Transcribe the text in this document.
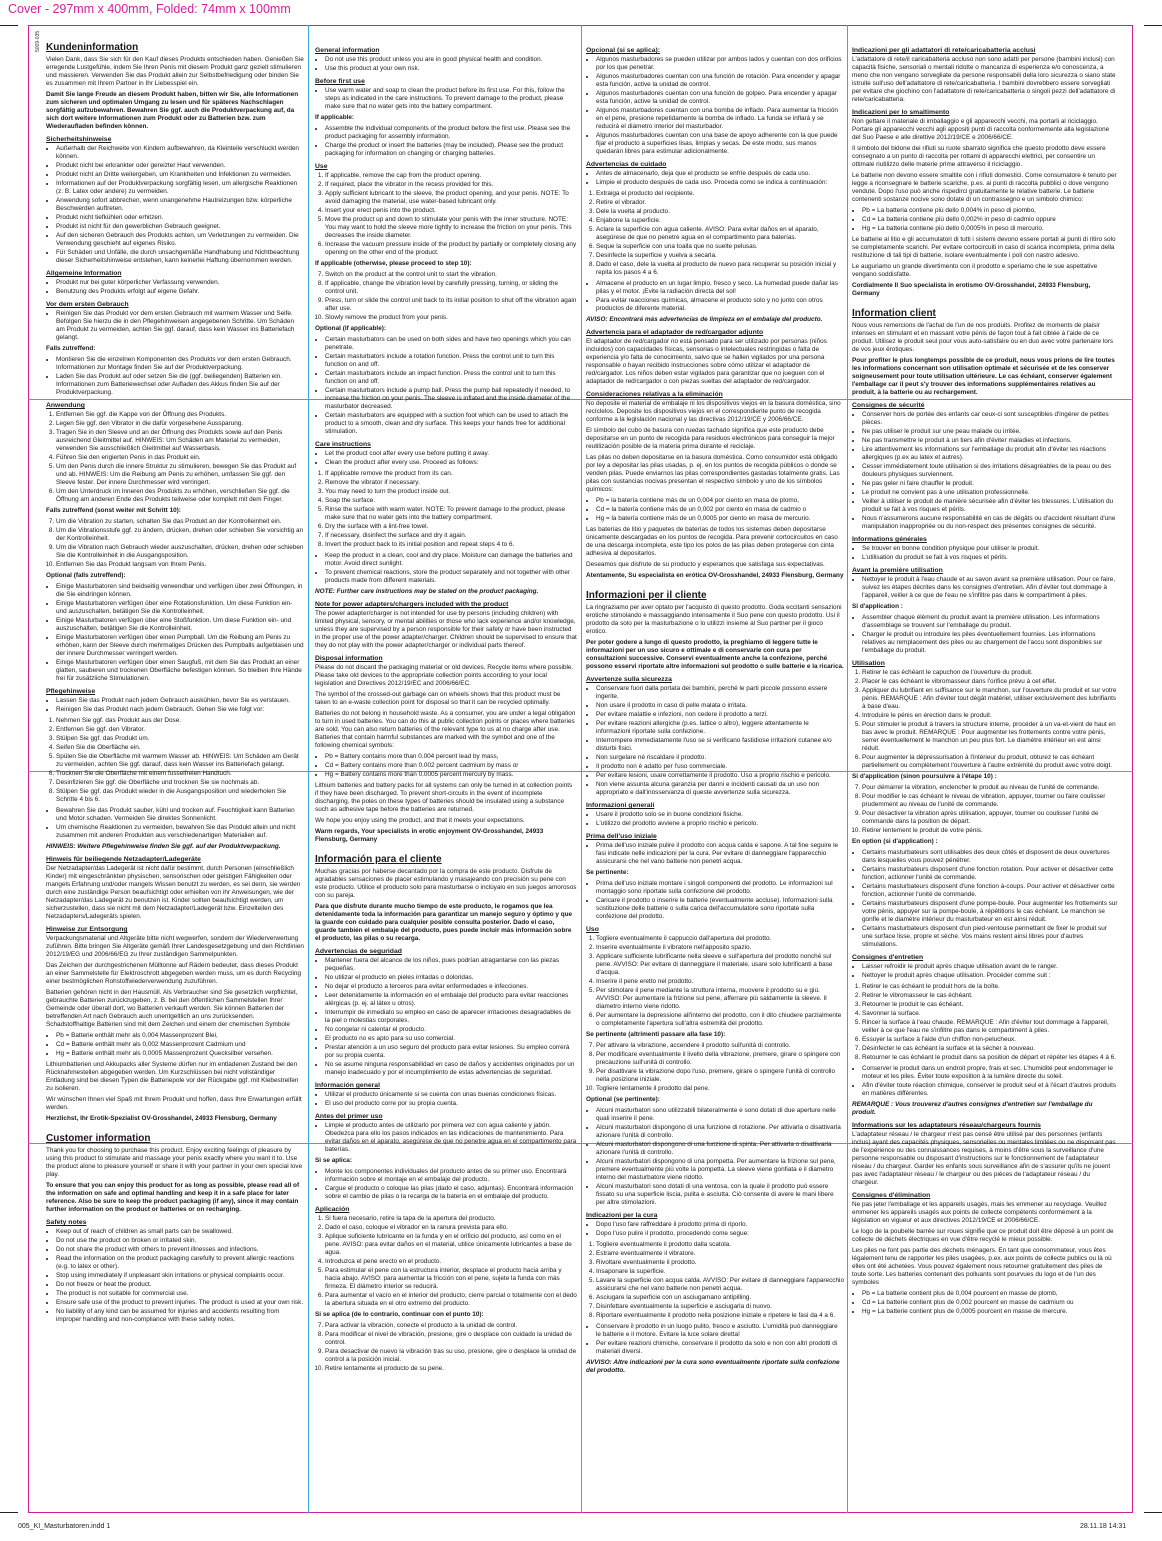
Cover - 297mm x 400mm, Folded: 74mm x 100mm
5009-035 Kundeninformation
Vielen Dank, dass Sie sich für den Kauf dieses Produkts entschieden haben. Genießen Sie erregende Lustgefühle, indem Sie Ihren Penis mit diesem Produkt ganz gezielt stimulieren und massieren. Verwenden Sie das Produkt allein zur Selbstbefriedigung oder binden Sie es zusammen mit Ihrem Partner in Ihr Liebesspiel ein.
Damit Sie lange Freude an diesem Produkt haben, bitten wir Sie, alle Informationen zum sicheren und optimalen Umgang zu lesen und für späteres Nachschlagen sorgfältig aufzubewahren. Bewahren Sie ggf. auch die Produktverpackung auf, da sich dort weitere Informationen zum Produkt oder zu Batterien bzw. zum Wiederaufladen befinden können.
Sicherheitshinweise
• Außerhalb der Reichweite von Kindern aufbewahren, da Kleinteile verschluckt werden können.
• Produkt nicht bei erkrankter oder gereizter Haut verwenden.
• Produkt nicht an Dritte weitergeben, um Krankheiten und Infektionen zu vermeiden.
• Informationen auf der Produktverpackung sorgfältig lesen, um allergische Reaktionen (z. B. Latex oder andere) zu vermeiden.
• Anwendung sofort abbrechen, wenn unangenehme Hautreizungen bzw. körperliche Beschwerden auftreten.
• Produkt nicht tiefkühlen oder erhitzen.
• Produkt ist nicht für den gewerblichen Gebrauch geeignet.
• Auf den sicheren Gebrauch des Produkts achten, um Verletzungen zu vermeiden. Die Verwendung geschieht auf eigenes Risiko.
• Für Schäden und Unfälle, die durch unsachgemäße Handhabung und Nichtbeachtung dieser Sicherheitshinweise entstehen, kann keinerlei Haftung übernommen werden.
Allgemeine Information
• Produkt nur bei guter körperlicher Verfassung verwenden.
• Benutzung des Produkts erfolgt auf eigene Gefahr.
Vor dem ersten Gebrauch
• Reinigen Sie das Produkt vor dem ersten Gebrauch mit warmem Wasser und Seife. Befolgen Sie hierzu die in den Pflegehinweisen angegebenen Schritte. Um Schäden am Produkt zu vermeiden, achten Sie ggf. darauf, dass kein Wasser ins Batteriefach gelangt.
Falls zutreffend:
• Montieren Sie die einzelnen Komponenten des Produkts vor dem ersten Gebrauch. Informationen zur Montage finden Sie auf der Produktverpackung.
• Laden Sie das Produkt auf oder setzen Sie die (ggf. beiliegenden) Batterien ein. Informationen zum Batteriewechsel oder Aufladen des Akkus finden Sie auf der Produktverpackung.
Anwendung
1. Entfernen Sie ggf. die Kappe von der Öffnung des Produkts.
2. Legen Sie ggf. den Vibrator in die dafür vorgesehene Aussparung.
3. Tragen Sie in den Sleeve und an der Öffnung des Produkts sowie auf den Penis ausreichend Gleitmittel auf. HINWEIS: Um Schäden am Material zu vermeiden, verwenden Sie ausschließlich Gleitmittel auf Wasserbasis.
4. Führen Sie den erigierten Penis in das Produkt ein.
5. Um den Penis durch die innere Struktur zu stimulieren, bewegen Sie das Produkt auf und ab. HINWEIS: Um die Reibung am Penis zu erhöhen, umfassen Sie ggf. den Sleeve fester. Der innere Durchmesser wird verringert.
6. Um den Unterdruck im Inneren des Produkts zu erhöhen, verschließen Sie ggf. die Öffnung am anderen Ende des Produkts teilweise oder komplett mit dem Finger.
Falls zutreffend (sonst weiter mit Schritt 10):
7. Um die Vibration zu starten, schalten Sie das Produkt an der Kontrolleinheit ein.
8. Um die Vibrationsstufe ggf. zu ändern, drücken, drehen oder schieben Sie vorsichtig an der Kontrolleinheit.
9. Um die Vibration nach Gebrauch wieder auszuschalten, drücken, drehen oder schieben Sie die Kontrolleinheit in die Ausgangsposition.
10. Entfernen Sie das Produkt langsam von Ihrem Penis.
Optional (falls zutreffend):
• Einige Masturbatoren sind beidseitig verwendbar und verfügen über zwei Öffnungen, in die Sie eindringen können.
• Einige Masturbatoren verfügen über eine Rotationsfunktion. Um diese Funktion ein- und auszuschalten, betätigen Sie die Kontrolleinheit.
• Einige Masturbatoren verfügen über eine Stoßfunktion. Um diese Funktion ein- und auszuschalten, betätigen Sie die Kontrolleinheit.
• Einige Masturbatoren verfügen über einen Pumpball. Um die Reibung am Penis zu erhöhen, kann der Sleeve durch mehrmaliges Drücken des Pumpballs aufgeblasen und der innere Durchmesser verringert werden.
• Einige Masturbatoren verfügen über einen Saugfuß, mit dem Sie das Produkt an einer glatten, sauberen und trockenen Oberfläche befestigen können. So bleiben Ihre Hände frei für zusätzliche Stimulationen.
Pflegehinweise
• Lassen Sie das Produkt nach jedem Gebrauch auskühlen, bevor Sie es verstauen.
• Reinigen Sie das Produkt nach jedem Gebrauch. Gehen Sie wie folgt vor:
1. Nehmen Sie ggf. das Produkt aus der Dose.
2. Entfernen Sie ggf. den Vibrator.
3. Stülpen Sie ggf. das Produkt um.
4. Seifen Sie die Oberfläche ein.
5. Spülen Sie die Oberfläche mit warmem Wasser ab. HINWEIS: Um Schäden am Gerät zu vermeiden, achten Sie ggf. darauf, dass kein Wasser ins Batteriefach gelangt.
6. Trocknen Sie die Oberfläche mit einem fusselfreien Handtuch.
7. Desinfizieren Sie ggf. die Oberfläche und trocknen Sie sie nochmals ab.
8. Stülpen Sie ggf. das Produkt wieder in die Ausgangsposition und wiederholen Sie Schritte 4 bis 6.
• Bewahren Sie das Produkt sauber, kühl und trocken auf. Feuchtigkeit kann Batterien und Motor schaden. Vermeiden Sie direktes Sonnenlicht.
• Um chemische Reaktionen zu vermeiden, bewahren Sie das Produkt allein und nicht zusammen mit anderen Produkten aus verschiedenartigen Materialien auf.
HINWEIS: Weitere Pflegehinweise finden Sie ggf. auf der Produktverpackung.
Hinweis für beiliegende Netzadapter/Ladegeräte
Der Netzadapter/das Ladegerät ist nicht dafür bestimmt, durch Personen (einschließlich Kinder) mit eingeschränkten physischen, sensorischen oder geistigen Fähigkeiten oder mangels Erfahrung und/oder mangels Wissen benutzt zu werden, es sei denn, sie werden durch eine zuständige Person beaufsichtigt oder erhielten von ihr Anweisungen, wie der Netzadapter/das Ladegerät zu benutzen ist. Kinder sollten beaufsichtigt werden, um sicherzustellen, dass sie nicht mit dem Netzadapter/Ladegerät bzw. Einzelteilen des Netzadapters/Ladegeräts spielen.
Hinweise zur Entsorgung
Verpackungsmaterial und Altgeräte bitte nicht wegwerfen, sondern der Wiederverwertung zuführen. Bitte bringen Sie Altgeräte gemäß Ihrer Landesgesetzgebung und den Richtlinien 2012/19/EG und 2006/66/EG zu Ihrer zuständigen Sammelpunkten.
Das Zeichen der durchgestrichenen Mülltonne auf Rädern bedeutet, dass dieses Produkt an einer Sammelstelle für Elektroschrott abgegeben werden muss, um es durch Recycling einer bestmöglichen Rohstoffwiederverwendung zuzuführen.
Batterien gehören nicht in den Hausmüll. Als Verbraucher sind Sie gesetzlich verpflichtet, gebrauchte Batterien zurückzugeben, z. B. bei den öffentlichen Sammelstellen Ihrer Gemeinde oder überall dort, wo Batterien verkauft werden. Sie können Batterien der betreffenden Art nach Gebrauch auch unentgeltlich an uns zurücksenden. Schadstoffhaltige Batterien sind mit dem Zeichen und einem der chemischen Symbole
• Pb = Batterie enthält mehr als 0,004 Massenprozent Blei,
• Cd = Batterie enthält mehr als 0,002 Massenprozent Cadmium und
• Hg = Batterie enthält mehr als 0,0005 Massenprozent Quecksilber versehen.
Lithiumbatterien und Akkupacks aller Systeme dürfen nur im entladenen Zustand bei den Rücknahmestellen abgegeben werden. Um Kurzschlüssen bei nicht vollständiger Entladung sind bei diesen Typen die Batteriepole vor der Rückgabe ggf. mit Klebestreifen zu isolieren.
Wir wünschen Ihnen viel Spaß mit Ihrem Produkt und hoffen, dass Ihre Erwartungen erfüllt werden.
Herzlichst, Ihr Erotik-Spezialist OV-Grosshandel, 24933 Flensburg, Germany
Customer information
Thank you for choosing to purchase this product. Enjoy exciting feelings of pleasure by using this product to stimulate and massage your penis exactly where you want it to. Use the product alone to pleasure yourself or share it with your partner in your own special love play.
To ensure that you can enjoy this product for as long as possible, please read all of the information on safe and optimal handling and keep it in a safe place for later reference. Also be sure to keep the product packaging (if any), since it may contain further information on the product or batteries or on recharging.
Safety notes
• Keep out of reach of children as small parts can be swallowed.
• Do not use the product on broken or irritated skin.
• Do not share the product with others to prevent illnesses and infections.
• Read the information on the product packaging carefully to prevent allergic reactions (e.g. to latex or other).
• Stop using immediately if unpleasant skin irritations or physical complaints occur.
• Do not freeze or heat the product.
• The product is not suitable for commercial use.
• Ensure safe use of the product to prevent injuries. The product is used at your own risk.
• No liability of any kind can be assumed for injuries and accidents resulting from improper handling and non-compliance with these safety notes.
General information
• Do not use this product unless you are in good physical health and condition.
• Use this product at your own risk.
Before first use
• Use warm water and soap to clean the product before its first use. For this, follow the steps as indicated in the care instructions. To prevent damage to the product, please make sure that no water gets into the battery compartment.
If applicable:
• Assemble the individual components of the product before the first use. Please see the product packaging for assembly information.
• Charge the product or insert the batteries (may be included). Please see the product packaging for information on changing or charging batteries.
Use
1. If applicable, remove the cap from the product opening.
2. If required, place the vibrator in the recess provided for this.
3. Apply sufficient lubricant to the sleeve, the product opening, and your penis. NOTE: To avoid damaging the material, use water-based lubricant only.
4. Insert your erect penis into the product.
5. Move the product up and down to stimulate your penis with the inner structure. NOTE: You may want to hold the sleeve more tightly to increase the friction on your penis. This decreases the inside diameter.
6. Increase the vacuum pressure inside of the product by partially or completely closing any opening on the other end of the product.
If applicable (otherwise, please proceed to step 10):
7. Switch on the product at the control unit to start the vibration.
8. If applicable, change the vibration level by carefully pressing, turning, or sliding the control unit.
9. Press, turn or slide the control unit back to its initial position to shut off the vibration again after use.
10. Slowly remove the product from your penis.
Optional (if applicable):
• Certain masturbators can be used on both sides and have two openings which you can penetrate.
• Certain masturbators include a rotation function. Press the control unit to turn this function on and off.
• Certain masturbators include an impact function. Press the control unit to turn this function on and off.
• Certain masturbators include a pump ball. Press the pump ball repeatedly if needed, to increase the friction on your penis. The sleeve is inflated and the inside diameter of the masturbator decreased.
• Certain masturbators are equipped with a suction foot which can be used to attach the product to a smooth, clean and dry surface. This keeps your hands free for additional stimulation.
Care instructions
• Let the product cool after every use before putting it away.
• Clean the product after every use. Proceed as follows:
1. If applicable remove the product from its can.
2. Remove the vibrator if necessary.
3. You may need to turn the product inside out.
4. Soap the surface.
5. Rinse the surface with warm water. NOTE: To prevent damage to the product, please make sure that no water gets into the battery compartment.
6. Dry the surface with a lint-free towel.
7. If necessary, disinfect the surface and dry it again.
8. Invert the product back to its initial position and repeat steps 4 to 6.
• Keep the product in a clean, cool and dry place. Moisture can damage the batteries and motor. Avoid direct sunlight.
• To prevent chemical reactions, store the product separately and not together with other products made from different materials.
NOTE: Further care instructions may be stated on the product packaging.
Note for power adapters/chargers included with the product
The power adapter/charger is not intended for use by persons (including children) with limited physical, sensory, or mental abilities or those who lack experience and/or knowledge, unless they are supervised by a person responsible for their safety or have been instructed in the proper use of the power adapter/charger. Children should be supervised to ensure that they do not play with the power adapter/charger or individual parts thereof.
Disposal information
Please do not discard the packaging material or old devices. Recycle items where possible. Please take old devices to the appropriate collection points according to your local legislation and Directives 2012/19/EC and 2006/66/EC.
The symbol of the crossed-out garbage can on wheels shows that this product must be taken to an e-waste collection point for disposal so that it can be recycled optimally.
Batteries do not belong in household waste. As a consumer, you are under a legal obligation to turn in used batteries. You can do this at public collection points or places where batteries are sold. You can also return batteries of the relevant type to us at no charge after use. Batteries that contain harmful substances are marked with the symbol and one of the following chemical symbols:
• Pb = Battery contains more than 0.004 percent lead by mass,
• Cd = Battery contains more than 0.002 percent cadmium by mass or
• Hg = Battery contains more than 0.0005 percent mercury by mass.
Lithium batteries and battery packs for all systems can only be turned in at collection points if they have been discharged. To prevent short-circuits in the event of incomplete discharging, the poles on these types of batteries should be insulated using a substance such as adhesive tape before the batteries are returned.
We hope you enjoy using the product, and that it meets your expectations.
Warm regards, Your specialists in erotic enjoyment OV-Grosshandel, 24933 Flensburg, Germany
Información para el cliente
Muchas gracias por haberse decantado por la compra de este producto. Disfrute de agradables sensaciones de placer estimulando y masajeando con precisión su pene con este producto. Utilice el producto solo para masturbarse o inclúyalo en sus juegos amorosos con su pareja.
Para que disfrute durante mucho tiempo de este producto, le rogamos que lea detenidamente toda la información para garantizar un manejo seguro y óptimo y que la guarde con cuidado para cualquier posible consulta posterior. Dado el caso, guarde también el embalaje del producto, pues puede incluir más información sobre el producto, las pilas o su recarga.
Advertencias de seguridad
• Mantener fuera del alcance de los niños, pues podrían atragantarse con las piezas pequeñas.
• No utilizar el producto en pieles irritadas o doloridas.
• No dejar el producto a terceros para evitar enfermedades e infecciones.
• Leer detenidamente la información en el embalaje del producto para evitar reacciones alérgicas (p. ej. al látex u otros).
• Interrumpir de inmediato su empleo en caso de aparecer irritaciones desagradables de la piel o molestias corporales.
• No congelar ni calentar el producto.
• El producto no es apto para su uso comercial.
• Prestar atención a un uso seguro del producto para evitar lesiones. Su empleo correrá por su propia cuenta.
• No se asume ninguna responsabilidad en caso de daños y accidentes originados por un manejo inadecuado y por el incumplimiento de estas advertencias de seguridad.
Información general
• Utilizar el producto únicamente si se cuenta con unas buenas condiciones físicas.
• El uso del producto corre por su propia cuenta.
Antes del primer uso
• Limpie el producto antes de utilizarlo por primera vez con agua caliente y jabón. Obedezca para ello los pasos indicados en las indicaciones de mantenimiento. Para evitar daños en el aparato, asegúrese de que no penetre agua en el compartimento para baterías.
Si se aplica:
• Monte los componentes individuales del producto antes de su primer uso. Encontrará información sobre el montaje en el embalaje del producto.
• Cargue el producto o coloque las pilas (dado el caso, adjuntas). Encontrará información sobre el cambio de pilas o la recarga de la batería en el embalaje del producto.
Aplicación
1. Si fuera necesario, retire la tapa de la apertura del producto.
2. Dado el caso, coloque el vibrador en la ranura prevista para ello.
3. Aplique suficiente lubricante en la funda y en el orificio del producto, así como en el pene. AVISO: para evitar daños en el material, utilice únicamente lubricantes a base de agua.
4. Introduzca el pene erecto en el producto.
5. Para estimular el pene con la estructura interior, desplace el producto hacia arriba y hacia abajo. AVISO: para aumentar la fricción con el pene, sujete la funda con más firmeza. El diámetro interior se reducirá.
6. Para aumentar el vacío en el interior del producto, cierre parcial o totalmente con el dedo la abertura situada en el otro extremo del producto.
Si se aplica (de lo contrario, continuar con el punto 10):
7. Para activar la vibración, conecte el producto a la unidad de control.
8. Para modificar el nivel de vibración, presione, gire o desplace con cuidado la unidad de control.
9. Para desactivar de nuevo la vibración tras su uso, presione, gire o desplace la unidad de control a la posición inicial.
10. Retire lentamente el producto de su pene.
Opcional (si se aplica):
• Algunos masturbadores se pueden utilizar por ambos lados y cuentan con dos orificios por los que penetrar.
• Algunos masturbadores cuentan con una función de rotación. Para encender y apagar esta función, active la unidad de control.
• Algunos masturbadores cuentan con una función de golpeo. Para encender y apagar esta función, active la unidad de control.
• Algunos masturbadores cuentan con una bomba de inflado. Para aumentar la fricción en el pene, presione repetidamente la bomba de inflado. La funda se inflará y se reducirá el diámetro interior del masturbador.
• Algunos masturbadores cuentan con una base de apoyo adherente con la que puede fijar el producto a superficies lisas, limpias y secas. De este modo, sus manos quedarán libres para estimular adicionalmente.
Advertencias de cuidado
• Antes de almacenarlo, deja que el producto se enfríe después de cada uso.
• Limpie el producto después de cada uso. Proceda como se indica a continuación:
1. Extraiga el producto del recipiente.
2. Retire el vibrador.
3. Dele la vuelta al producto.
4. Enjabone la superficie.
5. Aclare la superficie con agua caliente. AVISO: Para evitar daños en el aparato, asegúrese de que no penetre agua en el compartimento para baterías.
6. Seque la superficie con una toalla que no suelte pelusas.
7. Desinfecte la superficie y vuelva a secarla.
8. Dado el caso, dele la vuelta al producto de nuevo para recuperar su posición inicial y repita los pasos 4 a 6.
• Almacene el producto en un lugar limpio, fresco y seco. La humedad puede dañar las pilas y el motor. ¡Evite la radiación directa del sol!
• Para evitar reacciones químicas, almacene el producto solo y no junto con otros productos de diferente material.
AVISO: Encontrará más advertencias de limpieza en el embalaje del producto.
Advertencia para el adaptador de red/cargador adjunto
El adaptador de red/cargador no está pensado para ser utilizado por personas (niños incluidos) con capacidades físicas, sensorias o intelectuales restringidas o falta de experiencia y/o falta de conocimiento, salvo que se hallen vigilados por una persona responsable o hayan recibido instrucciones sobre cómo utilizar el adaptador de red/cargador. Los niños deben estar vigilados para garantizar que no jueguen con el adaptador de red/cargador o con piezas sueltas del adaptador de red/cargador.
Consideraciones relativas a la eliminación
No deposite el material de embalaje ni los dispositivos viejos en la basura doméstica, sino recíclelos. Deposite los dispositivos viejos en el correspondiente punto de recogida conforme a la legislación nacional y las directivas 2012/19/CE y 2006/66/CE.
El símbolo del cubo de basura con ruedas tachado significa que este producto debe depositarse en un punto de recogida para residuos electrónicos para conseguir la mejor reutilización posible de la materia prima durante el reciclaje.
Las pilas no deben depositarse en la basura doméstica. Como consumidor está obligado por ley a depositar las pilas usadas, p. ej. en los puntos de recogida públicos o donde se venden pilas. Puede enviarnos las pilas correspondientes gastadas totalmente gratis. Las pilas con sustancias nocivas presentan el respectivo símbolo y uno de los símbolos químicos:
• Pb = la batería contiene más de un 0,004 por ciento en masa de plomo,
• Cd = la batería contiene más de un 0,002 por ciento en masa de cadmio o
• Hg = la batería contiene más de un 0,0005 por ciento en masa de mercurio.
Las baterías de litio y paquetes de baterías de todos los sistemas deben depositarse únicamente descargadas en los puntos de recogida. Para prevenir cortocircuitos en caso de una descarga incompleta, este tipo los polos de las pilas deben protegerse con cinta adhesiva al depositarlos.
Deseamos que disfrute de su producto y esperamos que satisfaga sus expectativas.
Atentamente, Su especialista en erótica OV-Grosshandel, 24933 Flensburg, Germany
Informazioni per il cliente
La ringraziamo per aver optato per l'acquisto di questo prodotto. Goda eccitanti sensazioni erotiche stimolando e massaggiando intensamente il Suo pene con questo prodotto. Usi il prodotto da solo per la masturbazione o lo utilizzi insieme al Suo partner per il gioco erotico.
Per poter godere a lungo di questo prodotto, la preghiamo di leggere tutte le informazioni per un uso sicuro e ottimale e di conservarle con cura per consultazioni successive. Conservi eventualmente anche la confezione, perché possono esservi riportate altre informazioni sul prodotto o sulle batterie e la ricarica.
Avvertenze sulla sicurezza
• Conservare fuori dalla portata dei bambini, perché le parti piccole possono essere ingerite.
• Non usare il prodotto in caso di pelle malata o irritata.
• Per evitare malattie e infezioni, non cedere il prodotto a terzi.
• Per evitare reazioni allergiche (p.es. lattice o altro), leggere attentamente le informazioni riportate sulla confezione.
• Interrompere immediatamente l'uso se si verificano fastidiose irritazioni cutanee e/o disturbi fisici.
• Non surgelare né riscaldare il prodotto.
• Il prodotto non è adatto per l'uso commerciale.
• Per evitare lesioni, usare correttamente il prodotto. Uso a proprio rischio e pericolo.
• Non viene assunta alcuna garanzia per danni e incidenti causati da un uso non appropriato e dall'inosservanza di queste avvertenze sulla sicurezza.
Informazioni generali
• Usare il prodotto solo se in buone condizioni fisiche.
• L'utilizzo del prodotto avviene a proprio rischio e pericolo.
Prima dell'uso iniziale
• Prima dell'uso iniziale pulire il prodotto con acqua calda e sapone. A tal fine seguire le fasi indicate nelle indicazioni per la cura. Per evitare di danneggiare l'apparecchio assicurarsi che nel vano batterie non penetri acqua.
Se pertinente:
• Prima dell'uso iniziale montare i singoli componenti del prodotto. Le informazioni sul montaggio sono riportate sulla confezione del prodotto.
• Caricare il prodotto o inserire le batterie (eventualmente accluse). Informazioni sulla sostituzione delle batterie o sulla carica dell'accumulatore sono riportate sulla confezione del prodotto.
Uso
1. Togliere eventualmente il cappuccio dall'apertura del prodotto.
2. Inserire eventualmente il vibratore nell'apposito spazio.
3. Applicare sufficiente lubrificante nella sleeve e sull'apertura del prodotto nonché sul pene. AVVISO: Per evitare di danneggiare il materiale, usare solo lubrificanti a base d'acqua.
4. Inserire il pene eretto nel prodotto.
5. Per stimolare il pene mediante la struttura interna, muovere il prodotto su e giù. AVVISO: Per aumentare la frizione sul pene, afferrare più saldamente la sleeve. Il diametro interno viene ridotto.
6. Per aumentare la depressione all'interno del prodotto, con il dito chiudere parzialmente o completamente l'apertura sull'altra estremità del prodotto.
Se pertinente (altrimenti passare alla fase 10):
7. Per attivare la vibrazione, accendere il prodotto sull'unità di controllo.
8. Per modificare eventualmente il livello della vibrazione, premere, girare o spingere con precauzione sull'unità di controllo.
9. Per disattivare la vibrazione dopo l'uso, premere, girare o spingere l'unità di controllo nella posizione iniziale.
10. Togliere lentamente il prodotto dal pene.
Optional (se pertinente):
• Alcuni masturbatori sono utilizzabili bilateralmente e sono dotati di due aperture nelle quali inserire il pene.
• Alcuni masturbatori dispongono di una funzione di rotazione. Per attivarla o disattivarla azionare l'unità di controllo.
• Alcuni masturbatori dispongono di una funzione di spinta. Per attivarla o disattivarla azionare l'unità di controllo.
• Alcuni masturbatori dispongono di una pompetta. Per aumentare la frizione sul pene, premere eventualmente più volte la pompetta. La sleeve viene gonfiata e il diametro interno del masturbatore viene ridotto.
• Alcuni masturbatori sono dotati di una ventosa, con la quale il prodotto può essere fissato su una superficie liscia, pulita e asciutta. Ciò consente di avere le mani libere per altre stimolazioni.
Indicazioni per la cura
• Dopo l'uso fare raffreddare il prodotto prima di riporlo.
• Dopo l'uso pulire il prodotto, procedendo come segue:
1. Togliere eventualmente il prodotto dalla scatola.
2. Estrarre eventualmente il vibratore.
3. Rivoltare eventualmente il prodotto.
4. Insaponare la superficie.
5. Lavare la superficie con acqua calda. AVVISO: Per evitare di danneggiare l'apparecchio assicurarsi che nel vano batterie non penetri acqua.
6. Asciugare la superficie con un asciugamano antipilling.
7. Disinfettare eventualmente la superficie e asciugarla di nuovo.
8. Riportare eventualmente il prodotto nella posizione iniziale e ripetere le fasi da 4 a 6.
• Conservare il prodotto in un luogo pulito, fresco e asciutto. L'umidità può danneggiare le batterie e il motore. Evitare la luce solare diretta!
• Per evitare reazioni chimiche, conservare il prodotto da solo e non con altri prodotti di materiali diversi.
AVVISO: Altre indicazioni per la cura sono eventualmente riportate sulla confezione del prodotto.
Indicazioni per gli adattatori di rete/caricabatteria acclusi
L'adattatore di rete/il caricabatteria accluso non sono adatti per persone (bambini inclusi) con capacità fisiche, sensoriali o mentali ridotte o mancanza di esperienza e/o conoscenza, a meno che non vengano sorvegliate da persone responsabili della loro sicurezza o siano state istruite sull'uso dell'adattatore di rete/caricabatteria. I bambini dovrebbero essere sorvegliati per evitare che giochino con l'adattatore di rete/caricabatteria o singoli pezzi dell'adattatore di rete/caricabatteria.
Indicazioni per lo smaltimento
Non gettare il materiale di imballaggio e gli apparecchi vecchi, ma portarli al riciclaggio. Portare gli apparecchi vecchi agli appositi punti di raccolta conformemente alla legislazione del Suo Paese e alle direttive 2012/19/CE e 2006/66/CE.
Il simbolo del bidone dei rifiuti su ruote sbarrato significa che questo prodotto deve essere consegnato a un punto di raccolta per rottami di apparecchi elettrici, per consentire un ottimale riutilizzo delle materie prime attraverso il riciclaggio.
Le batterie non devono essere smaltite con i rifiuti domestici. Come consumatore è tenuto per legge a riconsegnare le batterie scariche, p.es. ai punti di raccolta pubblici o dove vengono vendute. Dopo l'uso può anche rispedirci gratuitamente le relative batterie. Le batterie contenenti sostanze nocive sono dotate di un contrassegno e un simbolo chimico:
• Pb = La batteria contiene più dello 0,004% in peso di piombo,
• Cd = La batteria contiene più dello 0,002% in peso di cadmio oppure
• Hg = La batteria contiene più dello 0,0005% in peso di mercurio.
Le batterie al litio e gli accumulatori di tutti i sistemi devono essere portati ai punti di ritiro solo se completamente scarichi. Per evitare cortocircuiti in caso di scarica incompleta, prima della restituzione di tali tipi di batterie, isolare eventualmente i poli con nastro adesivo.
Le auguriamo un grande divertimento con il prodotto e speriamo che le sue aspettative vengano soddisfatte.
Cordialmente Il Suo specialista in erotismo OV-Grosshandel, 24933 Flensburg, Germany
Information client
Nous vous remercions de l'achat de l'un de nos produits. Profitez de moments de plaisir intenses en stimulant et en massant votre pénis de façon tout à fait ciblée à l'aide de ce produit. Utilisez le produit seul pour vous auto-satisfaire ou en duo avec votre partenaire lors de vos jeux érotiques.
Pour profiter le plus longtemps possible de ce produit, nous vous prions de lire toutes les informations concernant son utilisation optimale et sécurisée et de les conserver soigneusement pour toute utilisation ultérieure. Le cas échéant, conserver également l'emballage car il peut s'y trouver des informations supplémentaires relatives au produit, à la batterie ou au rechargement.
Consignes de sécurité
• Conserver hors de portée des enfants car ceux-ci sont susceptibles d'ingérer de petites pièces.
• Ne pas utiliser le produit sur une peau malade ou irritée.
• Ne pas transmettre le produit à un tiers afin d'éviter maladies et infections.
• Lire attentivement les informations sur l'emballage du produit afin d'éviter les réactions allergiques (p.ex au latex et autres).
• Cesser immédiatement toute utilisation si des irritations désagréables de la peau ou des douleurs physiques surviennent.
• Ne pas geler ni faire chauffer le produit.
• Le produit ne convient pas à une utilisation professionnelle.
• Veiller à utiliser le produit de manière sécurisée afin d'éviter les blessures. L'utilisation du produit se fait à vos risques et périls.
• Nous n'assumerons aucune responsabilité en cas de dégâts ou d'accident résultant d'une manipulation inappropriée ou du non-respect des présentes consignes de sécurité.
Informations générales
• Se trouver en bonne condition physique pour utiliser le produit.
• L'utilisation du produit se fait à vos risques et périls.
Avant la première utilisation
• Nettoyer le produit à l'eau chaude et au savon avant sa première utilisation. Pour ce faire, suivez les étapes décrites dans les consignes d'entretien. Afin d'éviter tout dommage à l'appareil, veiller à ce que de l'eau ne s'infiltre pas dans le compartiment à piles.
Si d'application :
• Assembler chaque élément du produit avant la première utilisation. Les informations d'assemblage se trouvent sur l'emballage du produit.
• Charger le produit ou introduire les piles éventuellement fournies. Les informations relatives au remplacement des piles ou au chargement de l'accu sont disponibles sur l'emballage du produit.
Utilisation
1. Retirer le cas échéant le capuchon de l'ouverture du produit.
2. Placer le cas échéant le vibromasseur dans l'orifice prévu à cet effet.
3. Appliquer du lubrifiant en suffisance sur le manchon, sur l'ouverture du produit et sur votre pénis. REMARQUE : Afin d'éviter tout dégât matériel, utiliser exclusivement des lubrifiants à base d'eau.
4. Introduire le pénis en érection dans le produit.
5. Pour stimuler le produit à travers la structure interne, procéder à un va-et-vient de haut en bas avec le produit. REMARQUE : Pour augmenter les frottements contre votre pénis, serrer éventuellement le manchon un peu plus fort. Le diamètre intérieur en est ainsi réduit.
6. Pour augmenter la dépressurisation à l'intérieur du produit, obturez le cas échéant partiellement ou complètement l'ouverture à l'autre extrémité du produit avec votre doigt.
Si d'application (sinon poursuivre à l'étape 10) :
7. Pour démarrer la vibration, enclencher le produit au niveau de l'unité de commande.
8. Pour modifier le cas échéant le niveau de vibration, appuyer, tourner ou faire coulisser prudemment au niveau de l'unité de commande.
9. Pour désactiver la vibration après utilisation, appuyer, tourner ou coulisser l'unité de commande dans la position de départ.
10. Retirer lentement le produit de votre pénis.
En option (si d'application) :
• Certains masturbateurs sont utilisables des deux côtés et disposent de deux ouvertures dans lesquelles vous pouvez pénétrer.
• Certains masturbateurs disposent d'une fonction rotation. Pour activer et désactiver cette fonction, actionner l'unité de commande.
• Certains masturbateurs disposent d'une fonction à-coups. Pour activer et désactiver cette fonction, actionner l'unité de commande.
• Certains masturbateurs disposent d'une pompe-boule. Pour augmenter les frottements sur votre pénis, appuyer sur la pompe-boule, à répétitions le cas échéant. Le manchon se gonfle et le diamètre intérieur du masturbateur en est ainsi réduit.
• Certains masturbateurs disposent d'un pied-ventouse permettant de fixer le produit sur une surface lisse, propre et sèche. Vos mains restent ainsi libres pour d'autres stimulations.
Consignes d'entretien
• Laisser refroidir le produit après chaque utilisation avant de le ranger.
• Nettoyer le produit après chaque utilisation. Procéder comme suit :
1. Retirer le cas échéant le produit hors de la boîte.
2. Retirer le vibromasseur le cas échéant.
3. Retourner le produit le cas échéant.
4. Savonner la surface.
5. Rincer la surface à l'eau chaude. REMARQUE : Afin d'éviter tout dommage à l'appareil, veiller à ce que l'eau ne s'infiltre pas dans le compartiment à piles.
6. Essuyer la surface à l'aide d'un chiffon non-pelucheux.
7. Désinfecter le cas échéant la surface et la sécher à nouveau.
8. Retourner le cas échéant le produit dans sa position de départ et répéter les étapes 4 à 6.
• Conserver le produit dans un endroit propre, frais et sec. L'humidité peut endommager le moteur et les piles. Éviter toute exposition à la lumière directe du soleil.
• Afin d'éviter toute réaction chimique, conserver le produit seul et à l'écart d'autres produits en matières différentes.
REMARQUE : Vous trouverez d'autres consignes d'entretien sur l'emballage du produit.
Informations sur les adaptateurs réseau/chargeurs fournis
L'adaptateur réseau / le chargeur n'est pas censé être utilisé par des personnes (enfants inclus) ayant des capacités physiques, sensorielles ou mentales limitées ou ne disposant pas de l'expérience ou des connaissances requises, à moins d'être sous la surveillance d'une personne responsable ou disposant d'instructions sur le fonctionnement de l'adaptateur réseau / du chargeur. Garder les enfants sous surveillance afin de s'assurer qu'ils ne jouent pas avec l'adaptateur réseau / le chargeur ou des pièces de l'adaptateur réseau / du chargeur.
Consignes d'élimination
Ne pas jeter l'emballage et les appareils usagés, mais les emmener au recyclage. Veuillez emmener les appareils usagés aux points de collecte compétents conformément à la législation en vigueur et aux directives 2012/19/CE et 2006/66/CE.
Le logo de la poubelle barrée sur roues signifie que ce produit doit être déposé à un point de collecte de déchets électriques en vue d'être recyclé le mieux possible.
Les piles ne font pas partie des déchets ménagers. En tant que consommateur, vous êtes légalement tenu de rapporter les piles usagées, p.ex. aux points de collecte publics ou là où elles ont été achetées. Vous pouvez également nous retourner gratuitement des piles de toute sorte. Les batteries contenant des polluants sont pourvues du logo et de l'un des symboles
• Pb = La batterie contient plus de 0,004 pourcent en masse de plomb,
• Cd = La batterie contient plus de 0,002 pourcent en masse de cadmium ou
• Hg = La batterie contient plus de 0,0005 pourcent en masse de mercure.
005_KI_Masturbatoren.indd 1	28.11.18 14:31
